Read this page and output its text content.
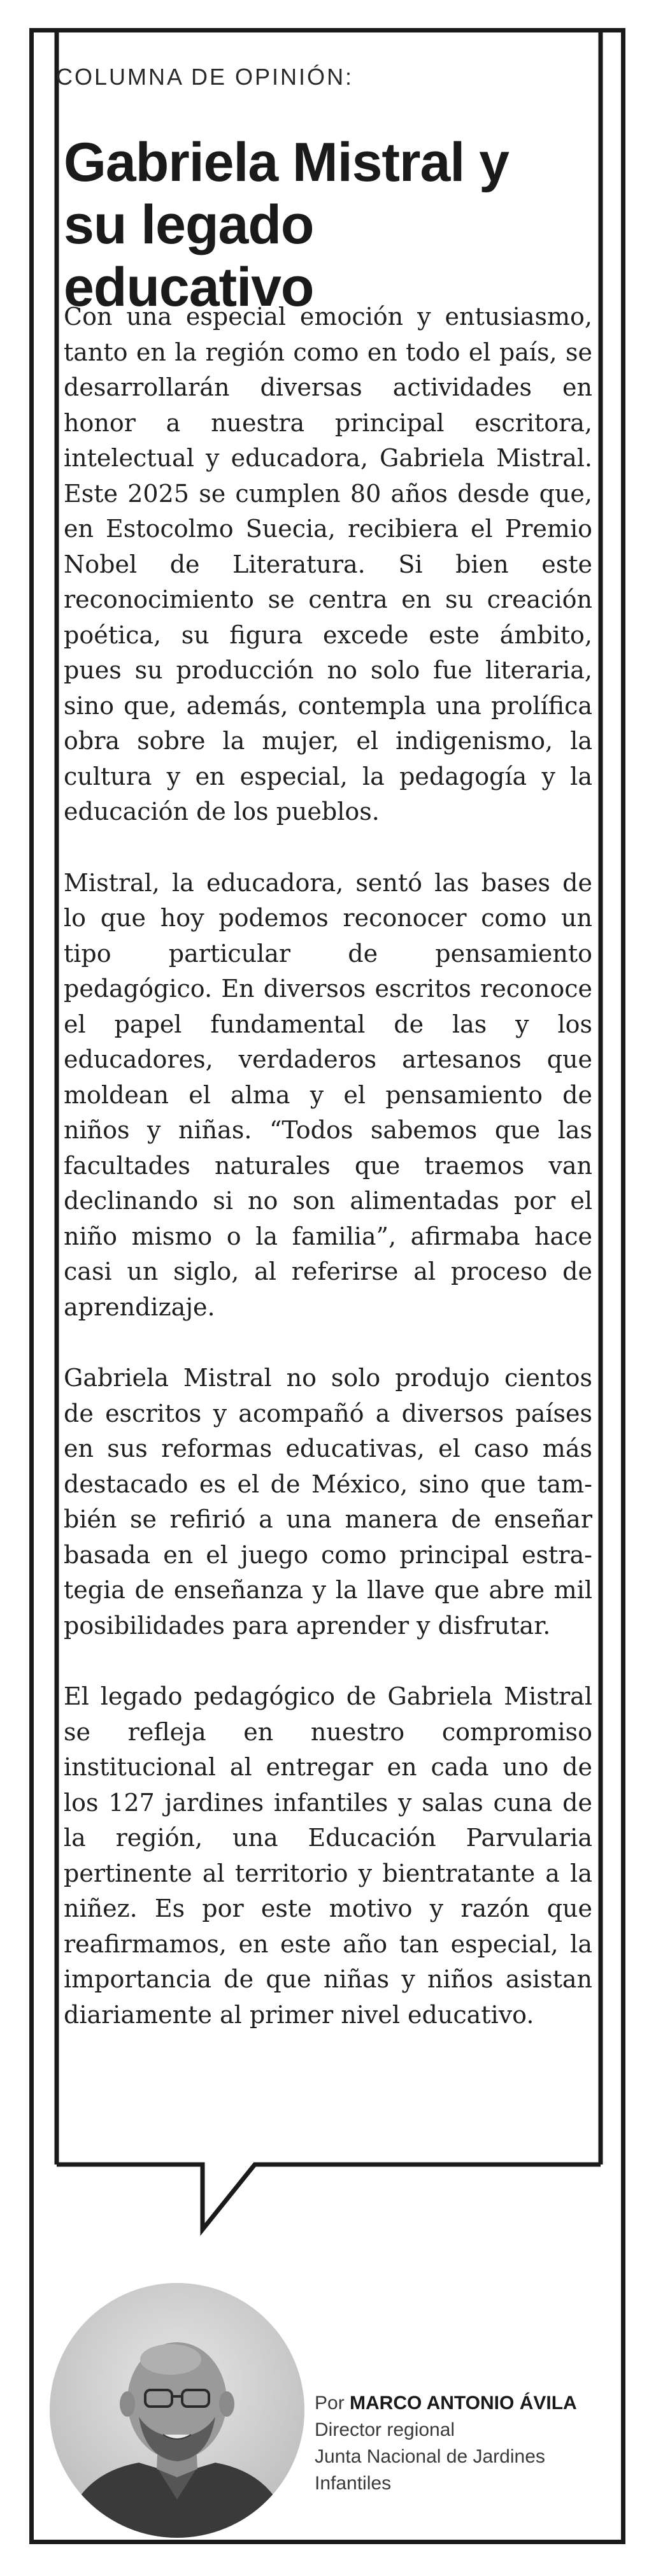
COLUMNA DE OPINIÓN:
Gabriela Mistral y su legado educativo

Con una especial emoción y entusiasmo, tanto en la región como en todo el país, se desarrollarán diversas actividades en honor a nuestra principal escritora, intelectual y educadora, Gabriela Mistral. Este 2025 se cumplen 80 años desde que, en Estocolmo Suecia, recibiera el Premio Nobel de Literatura. Si bien este reconocimiento se centra en su creación poética, su figura excede este ámbito, pues su producción no solo fue literaria, sino que, además, contempla una prolífica obra sobre la mujer, el indigenismo, la cultura y en especial, la pedagogía y la educación de los pueblos.

Mistral, la educadora, sentó las bases de lo que hoy podemos reconocer como un tipo particular de pensamiento pedagógico. En diversos escritos reconoce el papel fundamental de las y los educadores, verdaderos artesanos que moldean el alma y el pensamiento de niños y niñas. “Todos sabemos que las facultades naturales que traemos van declinando si no son alimentadas por el niño mismo o la familia”, afirmaba hace casi un siglo, al referirse al proceso de aprendizaje.

Gabriela Mistral no solo produjo cientos de escritos y acompañó a diversos países en sus reformas educativas, el caso más destacado es el de México, sino que tam-bién se refirió a una manera de enseñar basada en el juego como principal estra-tegia de enseñanza y la llave que abre mil posibilidades para aprender y disfrutar.

El legado pedagógico de Gabriela Mistral se refleja en nuestro compromiso institucional al entregar en cada uno de los 127 jardines infantiles y salas cuna de la región, una Educación Parvularia pertinente al territorio y bientratante a la niñez. Es por este motivo y razón que reafirmamos, en este año tan especial, la importancia de que niñas y niños asistan diariamente al primer nivel educativo.

Por MARCO ANTONIO ÁVILA
Director regional
Junta Nacional de Jardines
Infantiles
